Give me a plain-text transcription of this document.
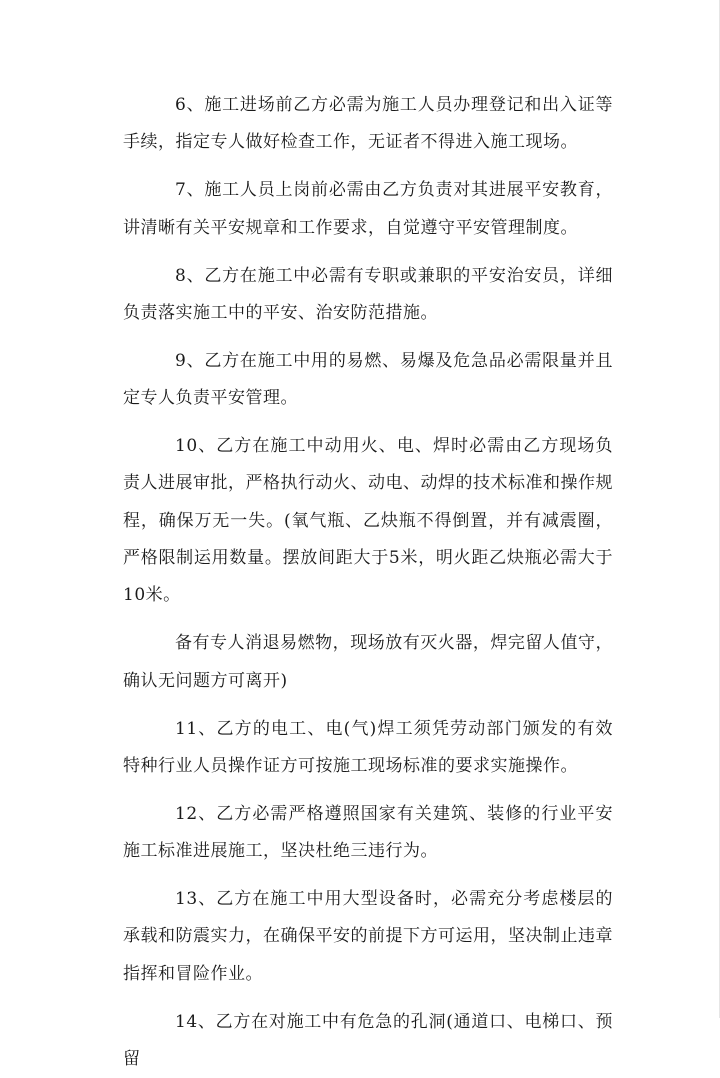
6、施工进场前乙方必需为施工人员办理登记和出入证等手续，指定专人做好检查工作，无证者不得进入施工现场。

7、施工人员上岗前必需由乙方负责对其进展平安教育，讲清晰有关平安规章和工作要求，自觉遵守平安管理制度。

8、乙方在施工中必需有专职或兼职的平安治安员，详细负责落实施工中的平安、治安防范措施。

9、乙方在施工中用的易燃、易爆及危急品必需限量并且定专人负责平安管理。

10、乙方在施工中动用火、电、焊时必需由乙方现场负责人进展审批，严格执行动火、动电、动焊的技术标准和操作规程，确保万无一失。(氧气瓶、乙炔瓶不得倒置，并有减震圈，严格限制运用数量。摆放间距大于5米，明火距乙炔瓶必需大于10米。

备有专人消退易燃物，现场放有灭火器，焊完留人值守，确认无问题方可离开)

11、乙方的电工、电(气)焊工须凭劳动部门颁发的有效特种行业人员操作证方可按施工现场标准的要求实施操作。

12、乙方必需严格遵照国家有关建筑、装修的行业平安施工标准进展施工，坚决杜绝三违行为。

13、乙方在施工中用大型设备时，必需充分考虑楼层的承载和防震实力，在确保平安的前提下方可运用，坚决制止违章指挥和冒险作业。

14、乙方在对施工中有危急的孔洞(通道口、电梯口、预留
